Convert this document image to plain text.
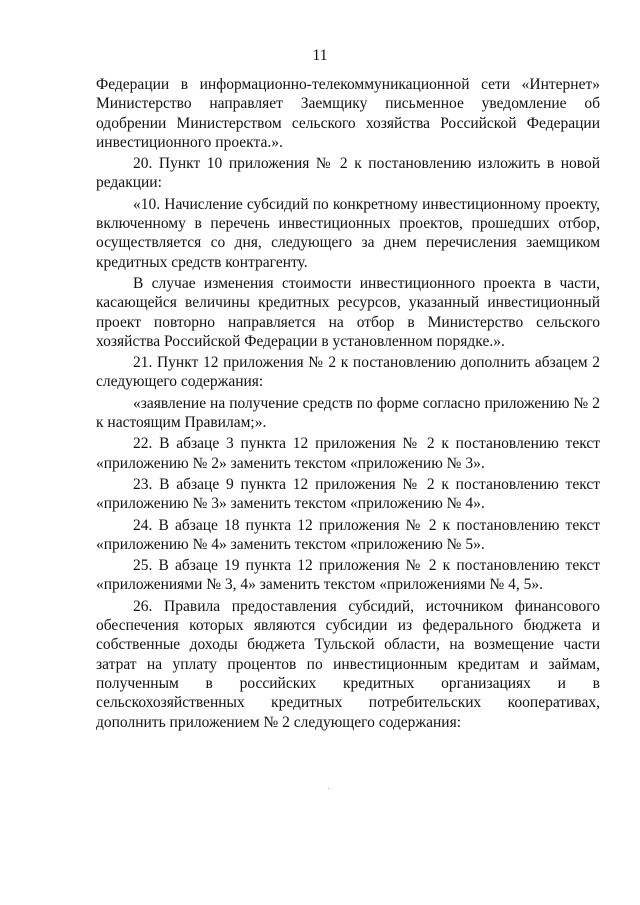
11

Федерации в информационно-телекоммуникационной сети «Интернет» Министерство направляет Заемщику письменное уведомление об одобрении Министерством сельского хозяйства Российской Федерации инвестиционного проекта.».

20. Пункт 10 приложения № 2 к постановлению изложить в новой редакции:

«10. Начисление субсидий по конкретному инвестиционному проекту, включенному в перечень инвестиционных проектов, прошедших отбор, осуществляется со дня, следующего за днем перечисления заемщиком кредитных средств контрагенту.

В случае изменения стоимости инвестиционного проекта в части, касающейся величины кредитных ресурсов, указанный инвестиционный проект повторно направляется на отбор в Министерство сельского хозяйства Российской Федерации в установленном порядке.».

21. Пункт 12 приложения № 2 к постановлению дополнить абзацем 2 следующего содержания:

«заявление на получение средств по форме согласно приложению № 2 к настоящим Правилам;».

22. В абзаце 3 пункта 12 приложения № 2 к постановлению текст «приложению № 2» заменить текстом «приложению № 3».

23. В абзаце 9 пункта 12 приложения № 2 к постановлению текст «приложению № 3» заменить текстом «приложению № 4».

24. В абзаце 18 пункта 12 приложения № 2 к постановлению текст «приложению № 4» заменить текстом «приложению № 5».

25. В абзаце 19 пункта 12 приложения № 2 к постановлению текст «приложениями № 3, 4» заменить текстом «приложениями № 4, 5».

26. Правила предоставления субсидий, источником финансового обеспечения которых являются субсидии из федерального бюджета и собственные доходы бюджета Тульской области, на возмещение части затрат на уплату процентов по инвестиционным кредитам и займам, полученным в российских кредитных организациях и в сельскохозяйственных кредитных потребительских кооперативах, дополнить приложением № 2 следующего содержания:
